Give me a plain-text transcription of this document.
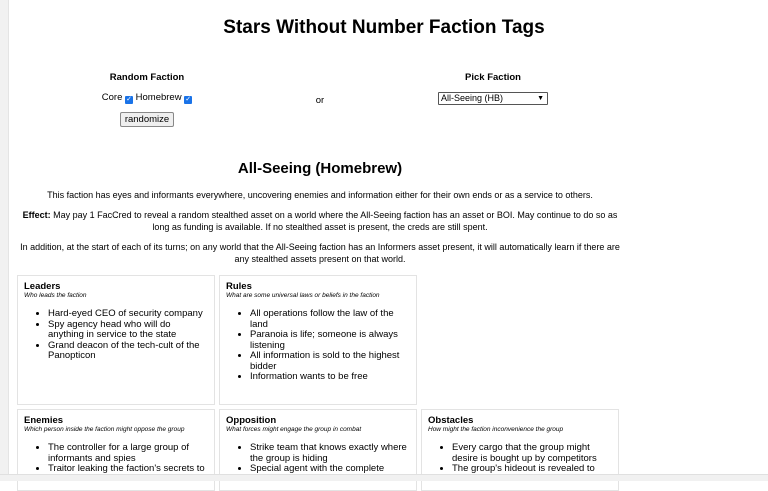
Stars Without Number Faction Tags
Random Faction
Core ✓ Homebrew ✓
randomize
or
Pick Faction
All-Seeing (HB)	▼
All-Seeing (Homebrew)

This faction has eyes and informants everywhere, uncovering enemies and information either for their own ends or as a service to others.

Effect: May pay 1 FacCred to reveal a random stealthed asset on a world where the All-Seeing faction has an asset or BOI. May continue to do so as long as funding is available. If no stealthed asset is present, the creds are still spent.

In addition, at the start of each of its turns; on any world that the All-Seeing faction has an Informers asset present, it will automatically learn if there are any stealthed assets present on that world.

Leaders

Who leads the faction

• Hard-eyed CEO of security company
• Spy agency head who will do anything in service to the state
• Grand deacon of the tech-cult of the Panopticon
Rules

What are some universal laws or beliefs in the faction

• All operations follow the law of the land
• Paranoia is life; someone is always listening
• All information is sold to the highest bidder
• Information wants to be free
Enemies

Which person inside the faction might oppose the group

• The controller for a large group of informants and spies
• Traitor leaking the faction's secrets to
Opposition

What forces might engage the group in combat

• Strike team that knows exactly where the group is hiding
• Special agent with the complete
Obstacles

How might the faction inconvenience the group

• Every cargo that the group might desire is bought up by competitors
• The group's hideout is revealed to
